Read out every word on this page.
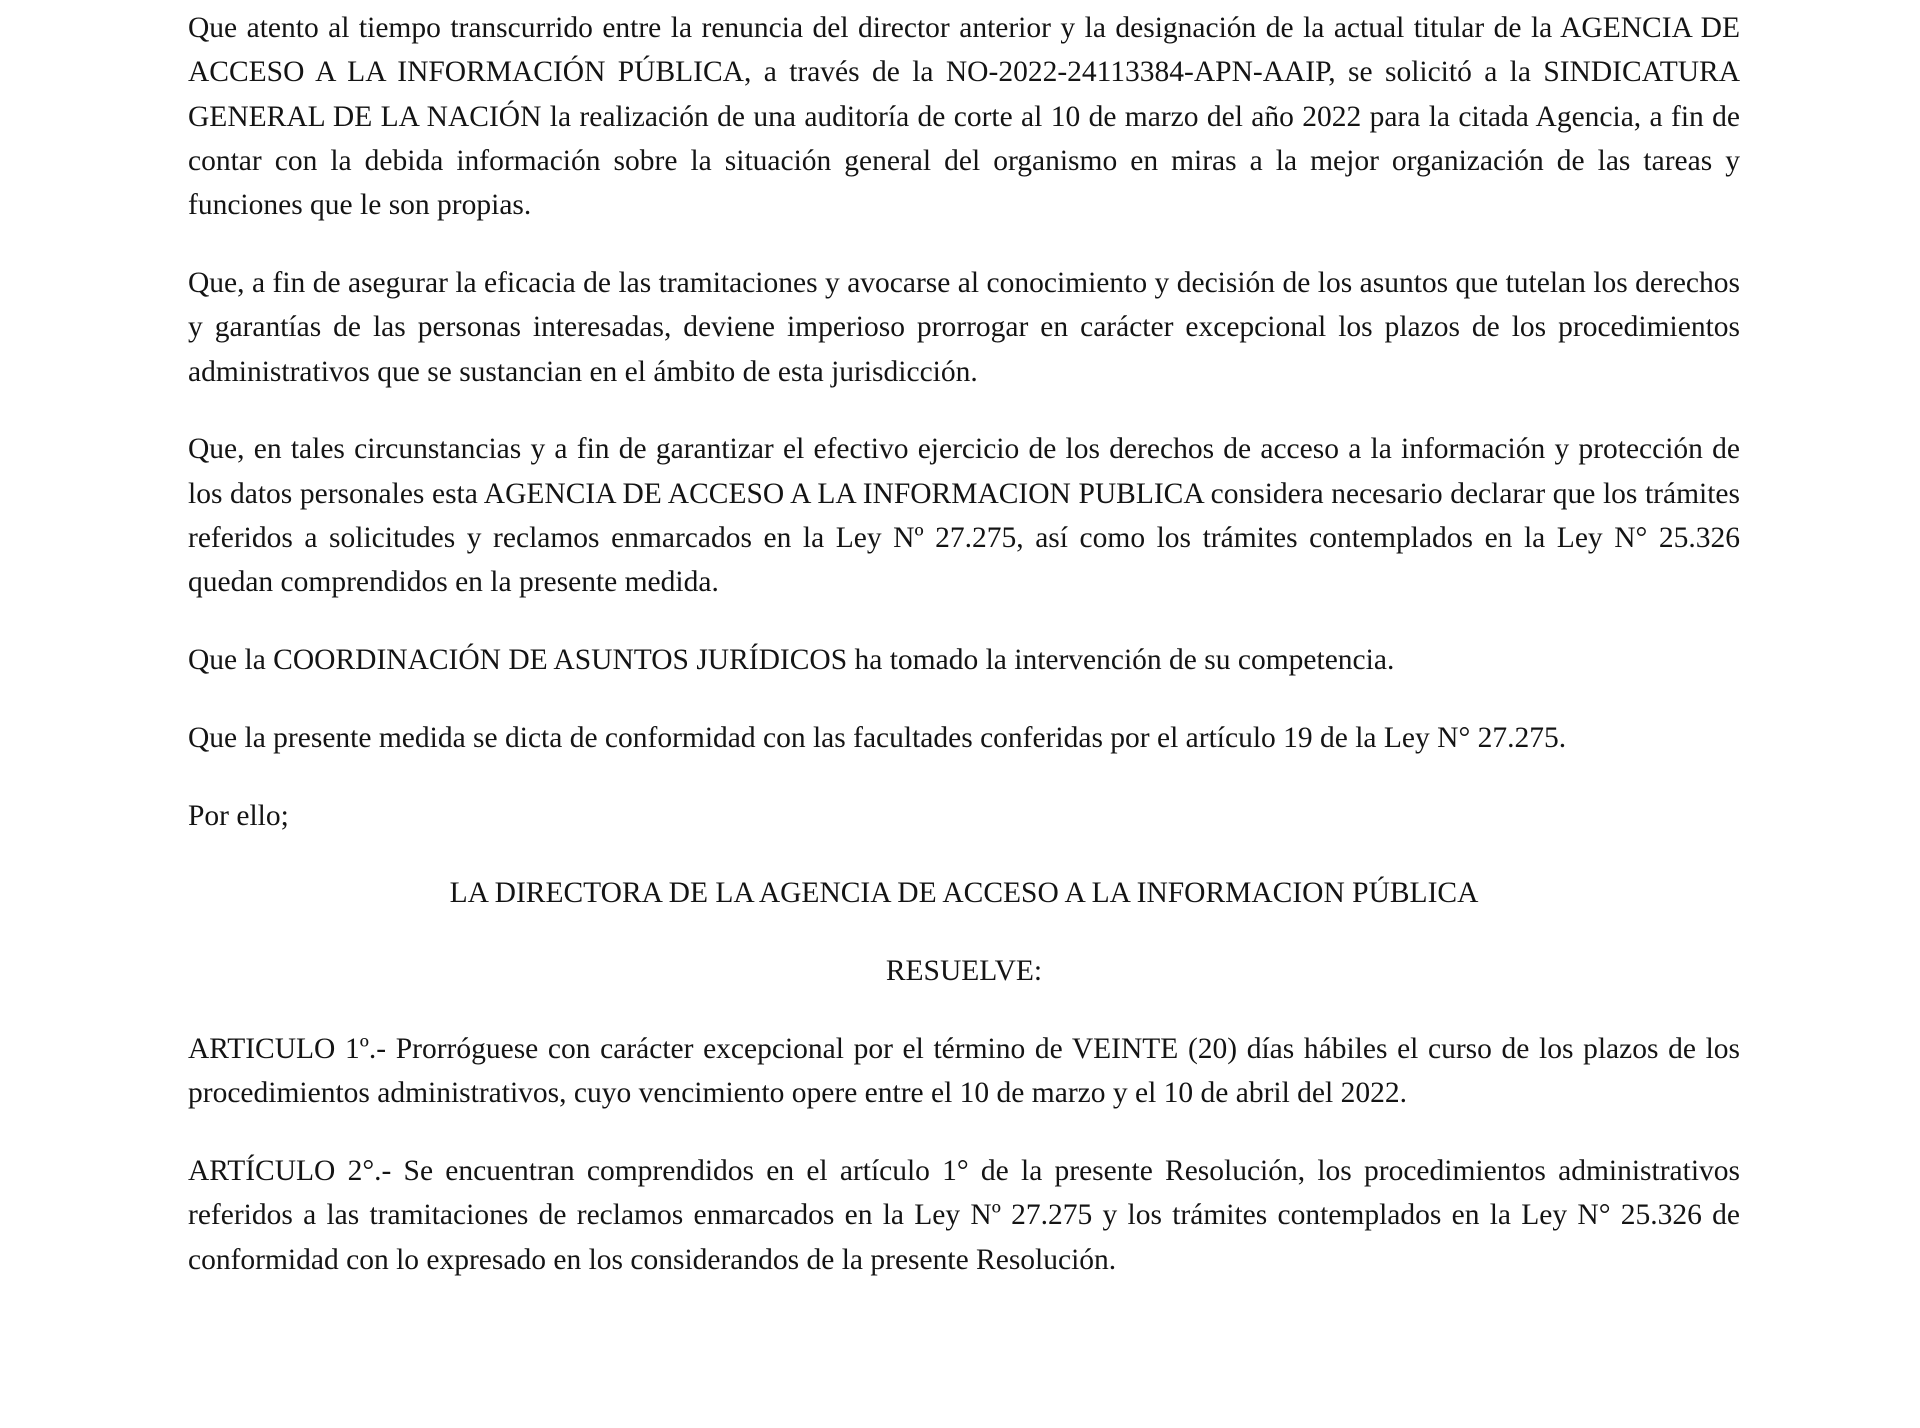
Que atento al tiempo transcurrido entre la renuncia del director anterior y la designación de la actual titular de la AGENCIA DE ACCESO A LA INFORMACIÓN PÚBLICA, a través de la NO-2022-24113384-APN-AAIP, se solicitó a la SINDICATURA GENERAL DE LA NACIÓN la realización de una auditoría de corte al 10 de marzo del año 2022 para la citada Agencia, a fin de contar con la debida información sobre la situación general del organismo en miras a la mejor organización de las tareas y funciones que le son propias.

Que, a fin de asegurar la eficacia de las tramitaciones y avocarse al conocimiento y decisión de los asuntos que tutelan los derechos y garantías de las personas interesadas, deviene imperioso prorrogar en carácter excepcional los plazos de los procedimientos administrativos que se sustancian en el ámbito de esta jurisdicción.

Que, en tales circunstancias y a fin de garantizar el efectivo ejercicio de los derechos de acceso a la información y protección de los datos personales esta AGENCIA DE ACCESO A LA INFORMACION PUBLICA considera necesario declarar que los trámites referidos a solicitudes y reclamos enmarcados en la Ley Nº 27.275, así como los trámites contemplados en la Ley N° 25.326 quedan comprendidos en la presente medida.

Que la COORDINACIÓN DE ASUNTOS JURÍDICOS ha tomado la intervención de su competencia.

Que la presente medida se dicta de conformidad con las facultades conferidas por el artículo 19 de la Ley N° 27.275.

Por ello;

LA DIRECTORA DE LA AGENCIA DE ACCESO A LA INFORMACION PÚBLICA

RESUELVE:

ARTICULO 1º.- Prorróguese con carácter excepcional por el término de VEINTE (20) días hábiles el curso de los plazos de los procedimientos administrativos, cuyo vencimiento opere entre el 10 de marzo y el 10 de abril del 2022.

ARTÍCULO 2°.- Se encuentran comprendidos en el artículo 1° de la presente Resolución, los procedimientos administrativos referidos a las tramitaciones de reclamos enmarcados en la Ley Nº 27.275 y los trámites contemplados en la Ley N° 25.326 de conformidad con lo expresado en los considerandos de la presente Resolución.
